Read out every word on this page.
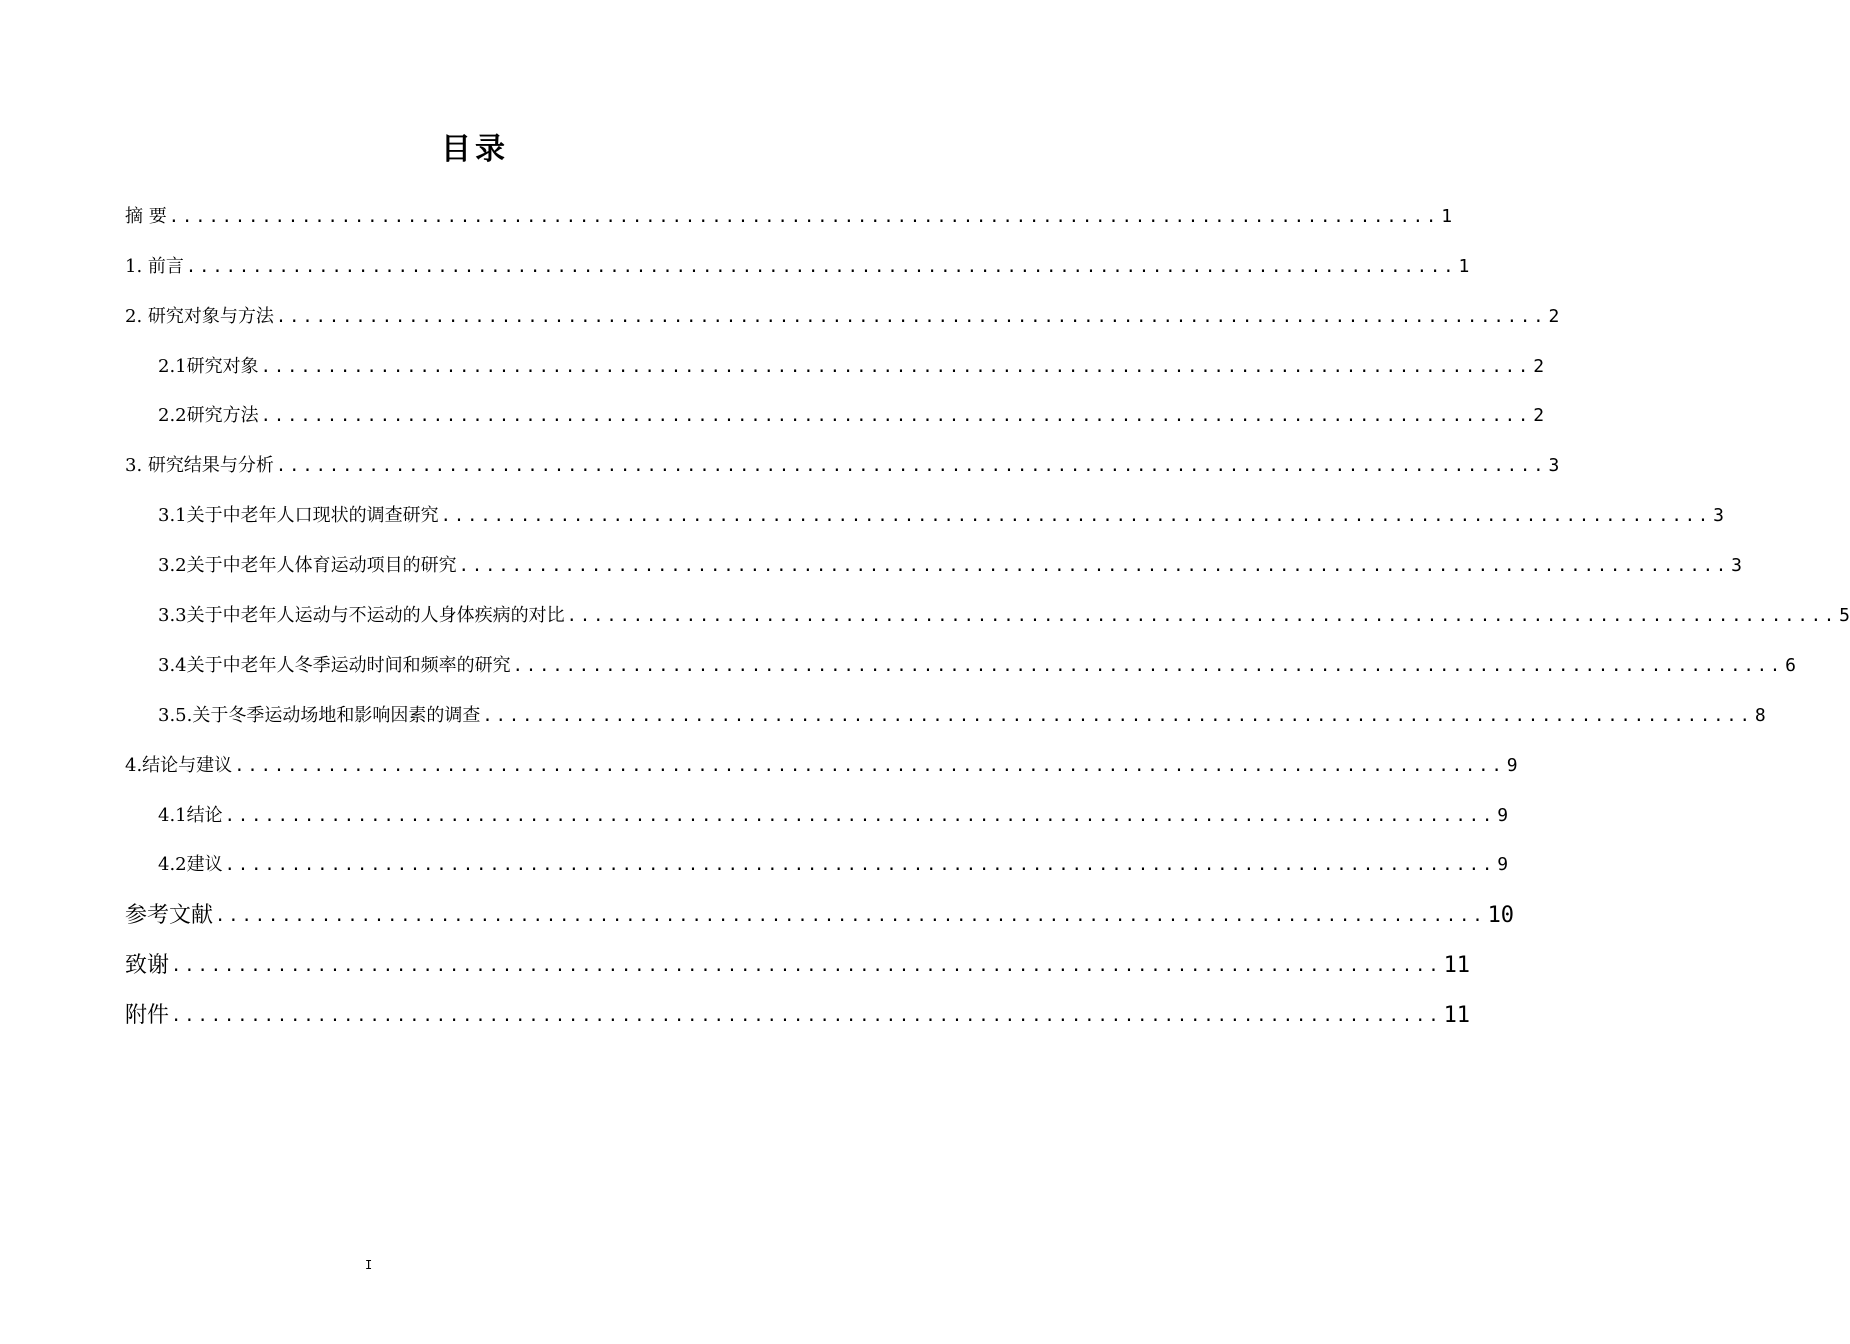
目录
摘 要 ................................................................................................ 1
1. 前言 ................................................................................................ 1
2. 研究对象与方法 ................................................................................................ 2
2.1研究对象 ................................................................................................ 2
2.2研究方法 ................................................................................................ 2
3. 研究结果与分析 ................................................................................................ 3
3.1关于中老年人口现状的调查研究 ................................................................................................ 3
3.2关于中老年人体育运动项目的研究 ................................................................................................ 3
3.3关于中老年人运动与不运动的人身体疾病的对比 ................................................................................................ 5
3.4关于中老年人冬季运动时间和频率的研究 ................................................................................................ 6
3.5.关于冬季运动场地和影响因素的调查 ................................................................................................ 8
4.结论与建议 ................................................................................................ 9
4.1结论 ................................................................................................ 9
4.2建议 ................................................................................................ 9
参考文献 ................................................................................................ 10
致谢 ................................................................................................ 11
附件 ................................................................................................ 11
I
